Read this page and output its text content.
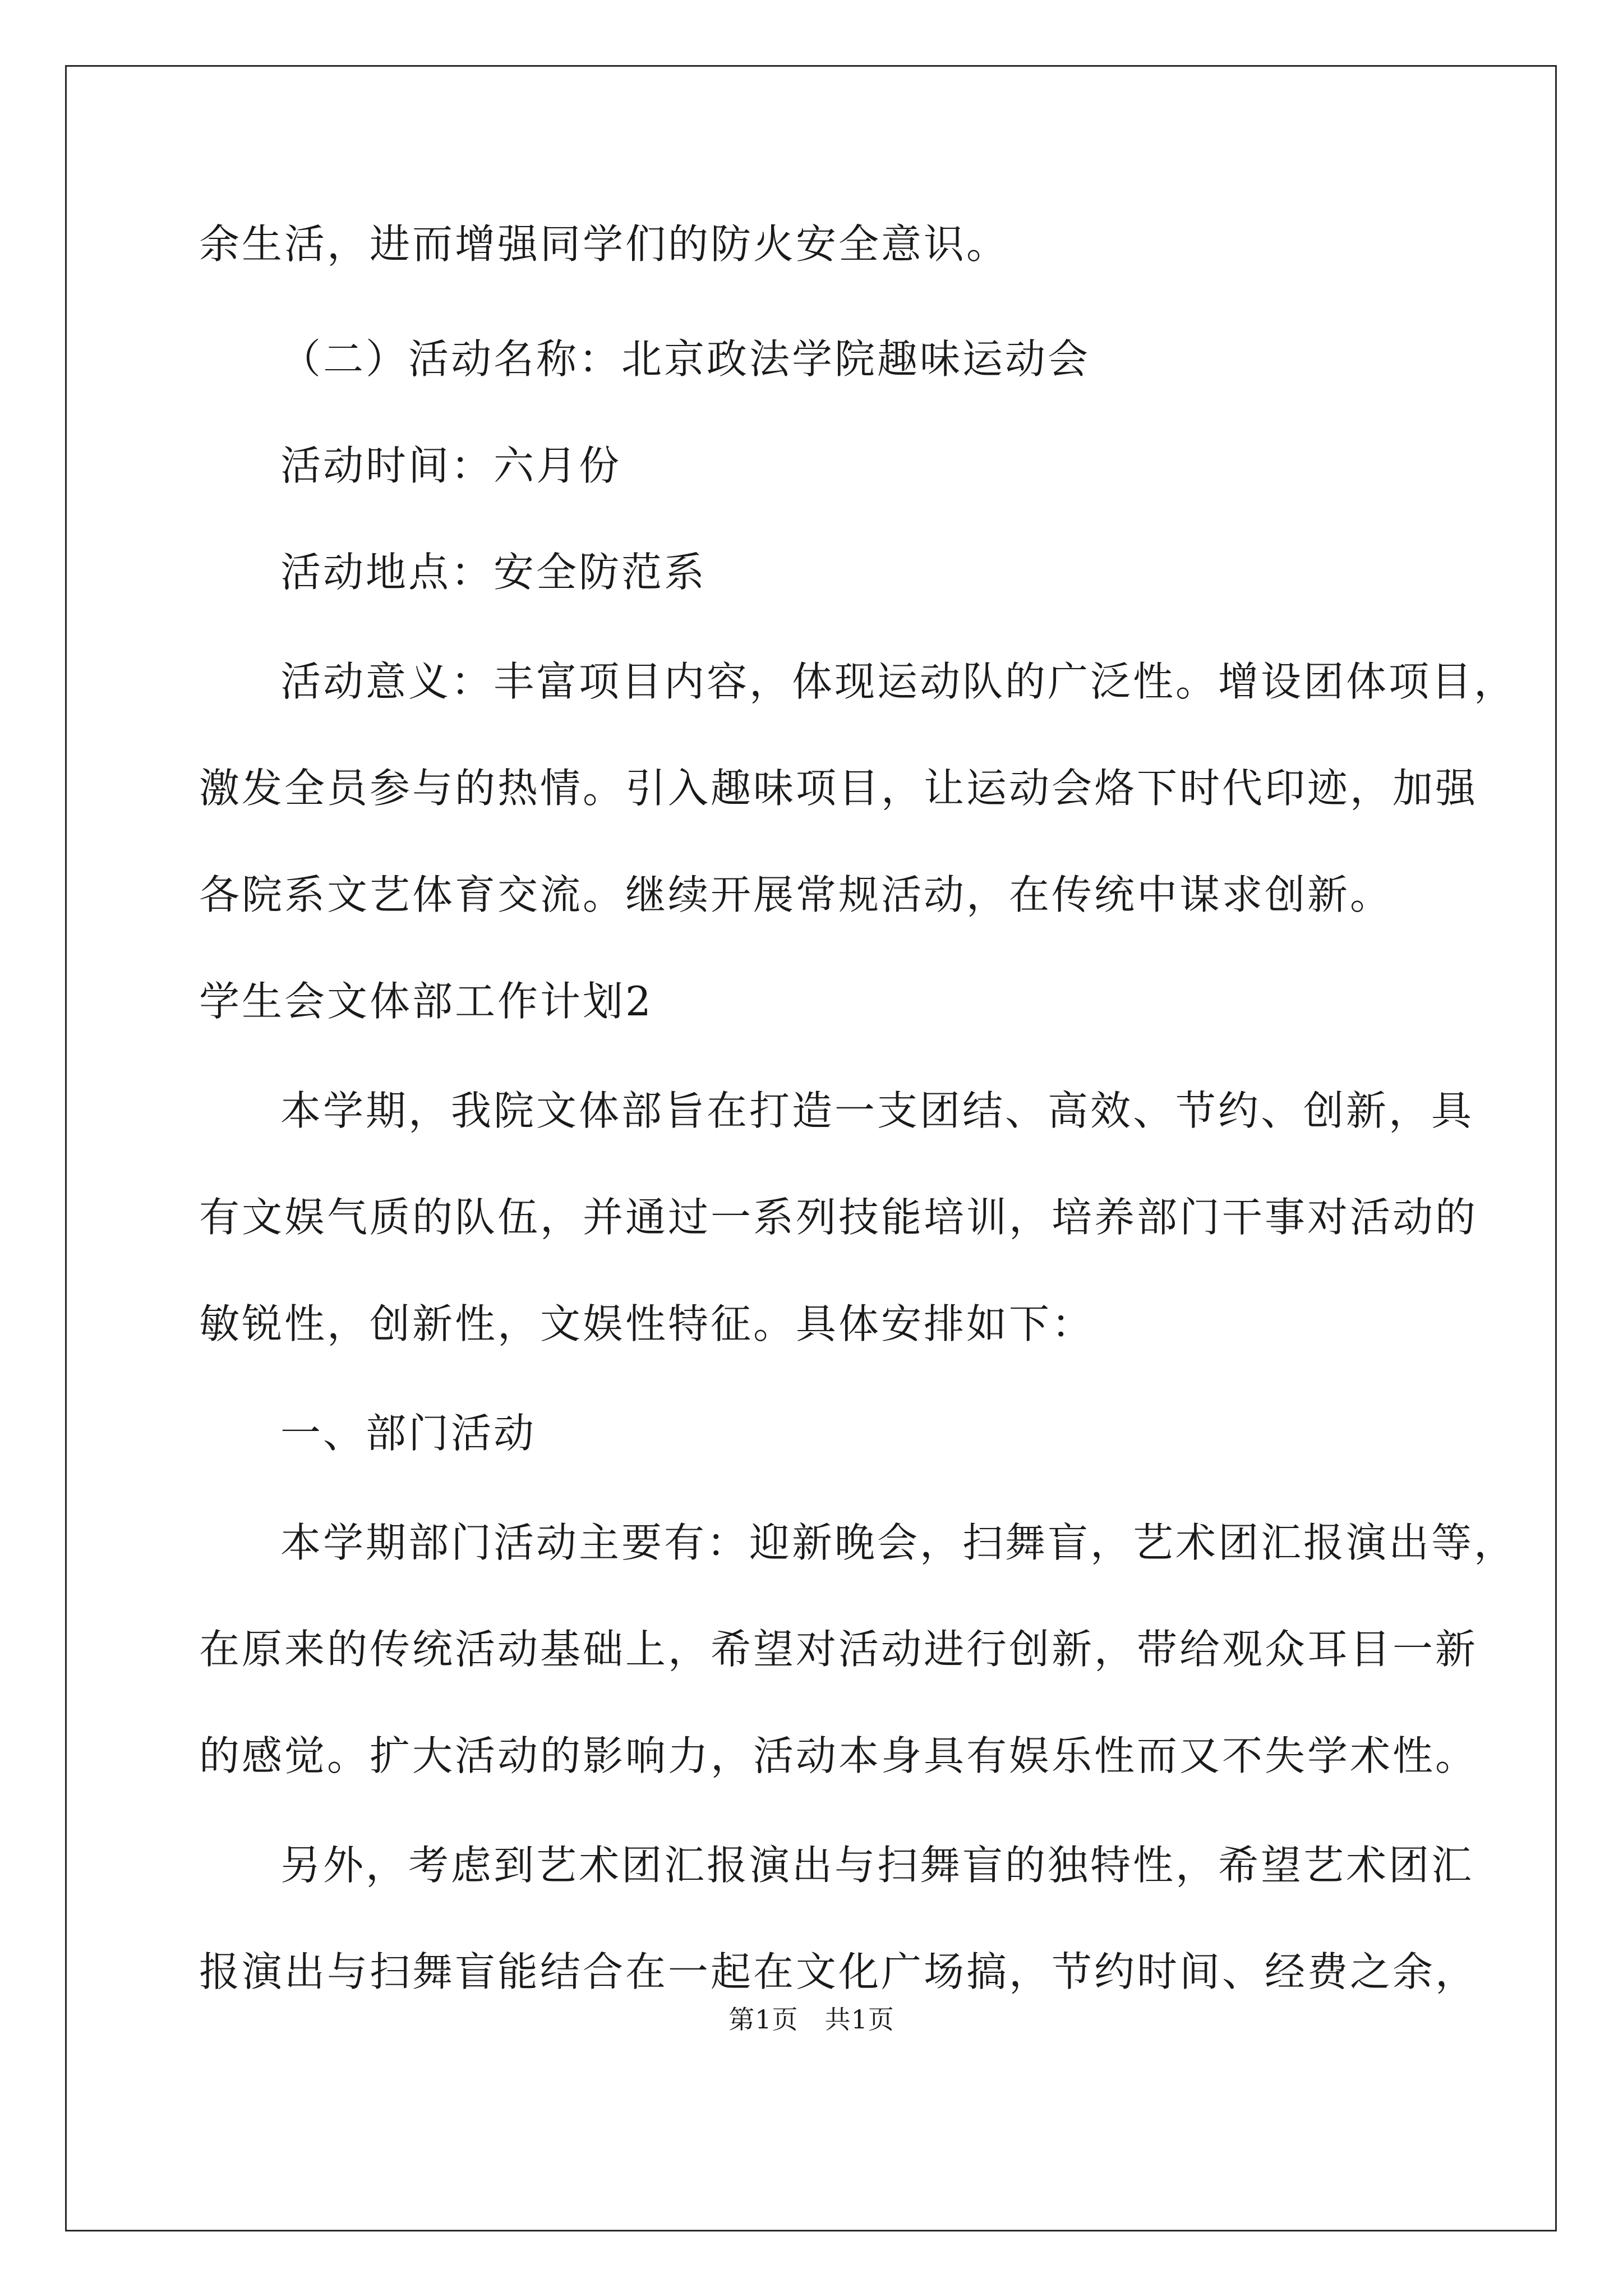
余生活，进而增强同学们的防火安全意识。
（二）活动名称：北京政法学院趣味运动会
活动时间：六月份
活动地点：安全防范系
活动意义：丰富项目内容，体现运动队的广泛性。增设团体项目，
激发全员参与的热情。引入趣味项目，让运动会烙下时代印迹，加强
各院系文艺体育交流。继续开展常规活动，在传统中谋求创新。
学生会文体部工作计划2
本学期，我院文体部旨在打造一支团结、高效、节约、创新，具
有文娱气质的队伍，并通过一系列技能培训，培养部门干事对活动的
敏锐性，创新性，文娱性特征。具体安排如下：
一、部门活动
本学期部门活动主要有：迎新晚会，扫舞盲，艺术团汇报演出等，
在原来的传统活动基础上，希望对活动进行创新，带给观众耳目一新
的感觉。扩大活动的影响力，活动本身具有娱乐性而又不失学术性。
另外，考虑到艺术团汇报演出与扫舞盲的独特性，希望艺术团汇
报演出与扫舞盲能结合在一起在文化广场搞，节约时间、经费之余，
第1页　共1页
